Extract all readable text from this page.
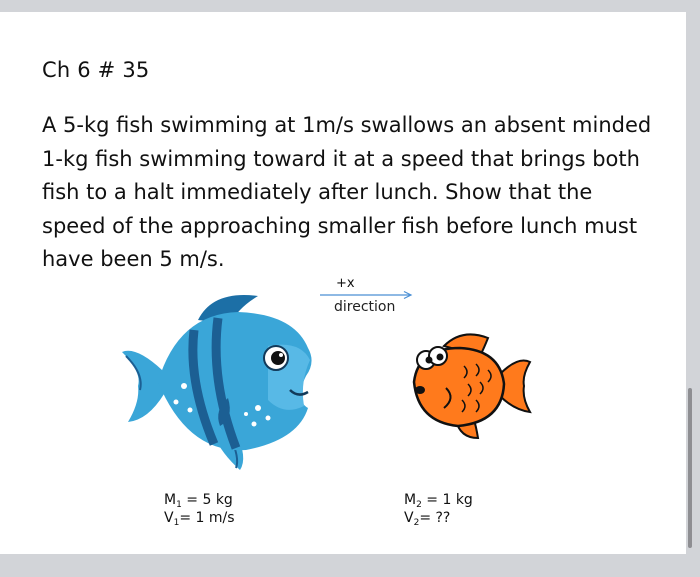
Ch 6 # 35

A 5-kg fish swimming at 1m/s swallows an absent minded 1-kg fish swimming toward it at a speed that brings both fish to a halt immediately after lunch. Show that the speed of the approaching smaller fish before lunch must have been 5 m/s.

+x
direction
$M_1 = 5$ kg
$V_1= 1$ m/s
$M_2 = 1$ kg
$V_2=$ ??
